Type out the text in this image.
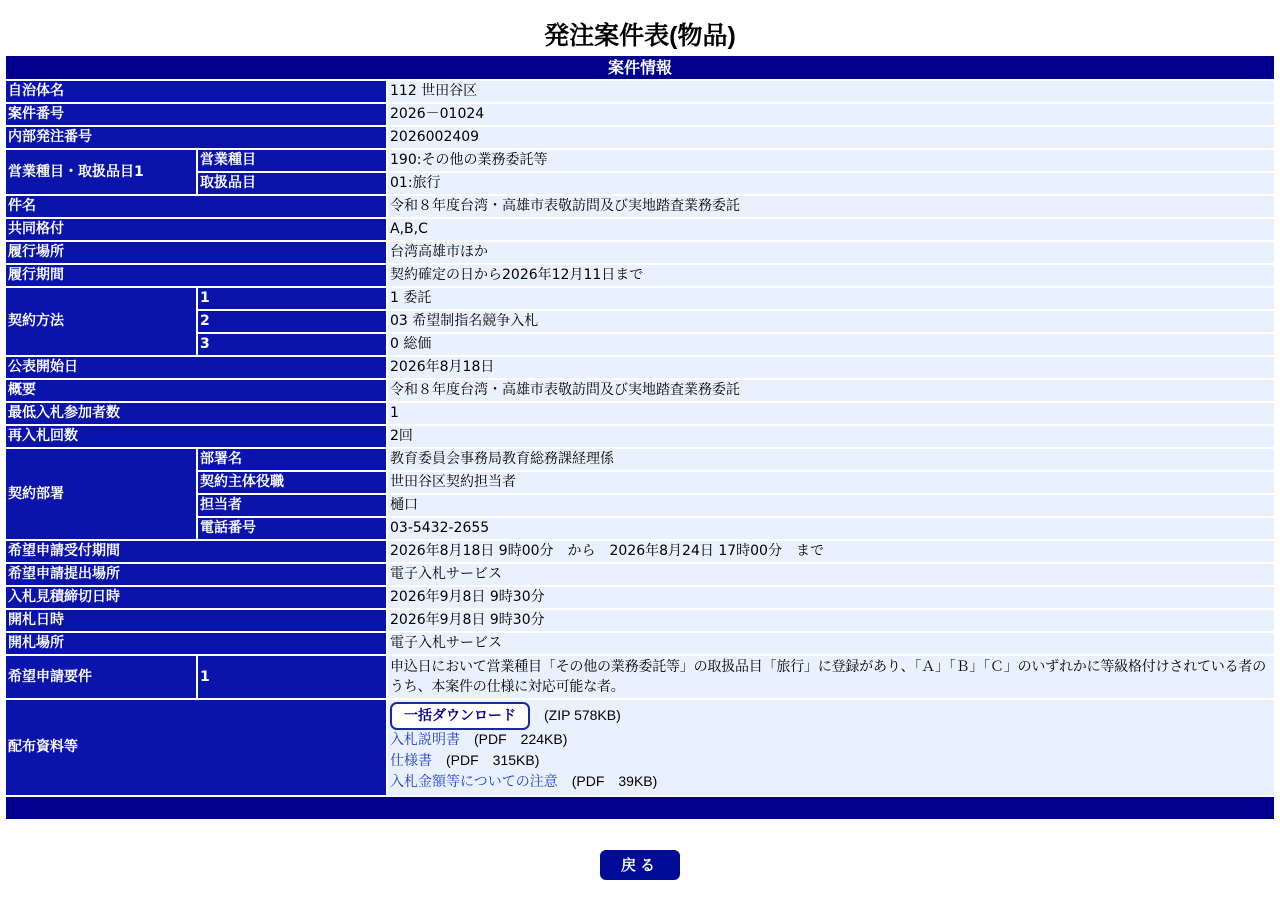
発注案件表(物品)
案件情報		
自治体名		112 世田谷区
案件番号		2026－01024
内部発注番号		2026002409
営業種目・取扱品目1	営業種目	190:その他の業務委託等
	取扱品目	01:旅行
件名		令和８年度台湾・高雄市表敬訪問及び実地踏査業務委託
共同格付		A,B,C
履行場所		台湾高雄市ほか
履行期間		契約確定の日から2026年12月11日まで
契約方法	1	1 委託
	2	03 希望制指名競争入札
	3	0 総価
公表開始日		2026年8月18日
概要		令和８年度台湾・高雄市表敬訪問及び実地踏査業務委託
最低入札参加者数		1
再入札回数		2回
契約部署	部署名	教育委員会事務局教育総務課経理係
	契約主体役職	世田谷区契約担当者
	担当者	樋口
	電話番号	03-5432-2655
希望申請受付期間		2026年8月18日 9時00分　から　2026年8月24日 17時00分　まで
希望申請提出場所		電子入札サービス
入札見積締切日時		2026年9月8日 9時30分
開札日時		2026年9月8日 9時30分
開札場所		電子入札サービス
希望申請要件	1	申込日において営業種目「その他の業務委託等」の取扱品目「旅行」に登録があり、「Ａ」「Ｂ」「Ｃ」のいずれかに等級格付けされている者のうち、本案件の仕様に対応可能な者。
配布資料等		一括ダウンロード (ZIP 578KB)
入札説明書 (PDF　224KB)
仕様書 (PDF　315KB)
入札金額等についての注意 (PDF　39KB)

戻る
